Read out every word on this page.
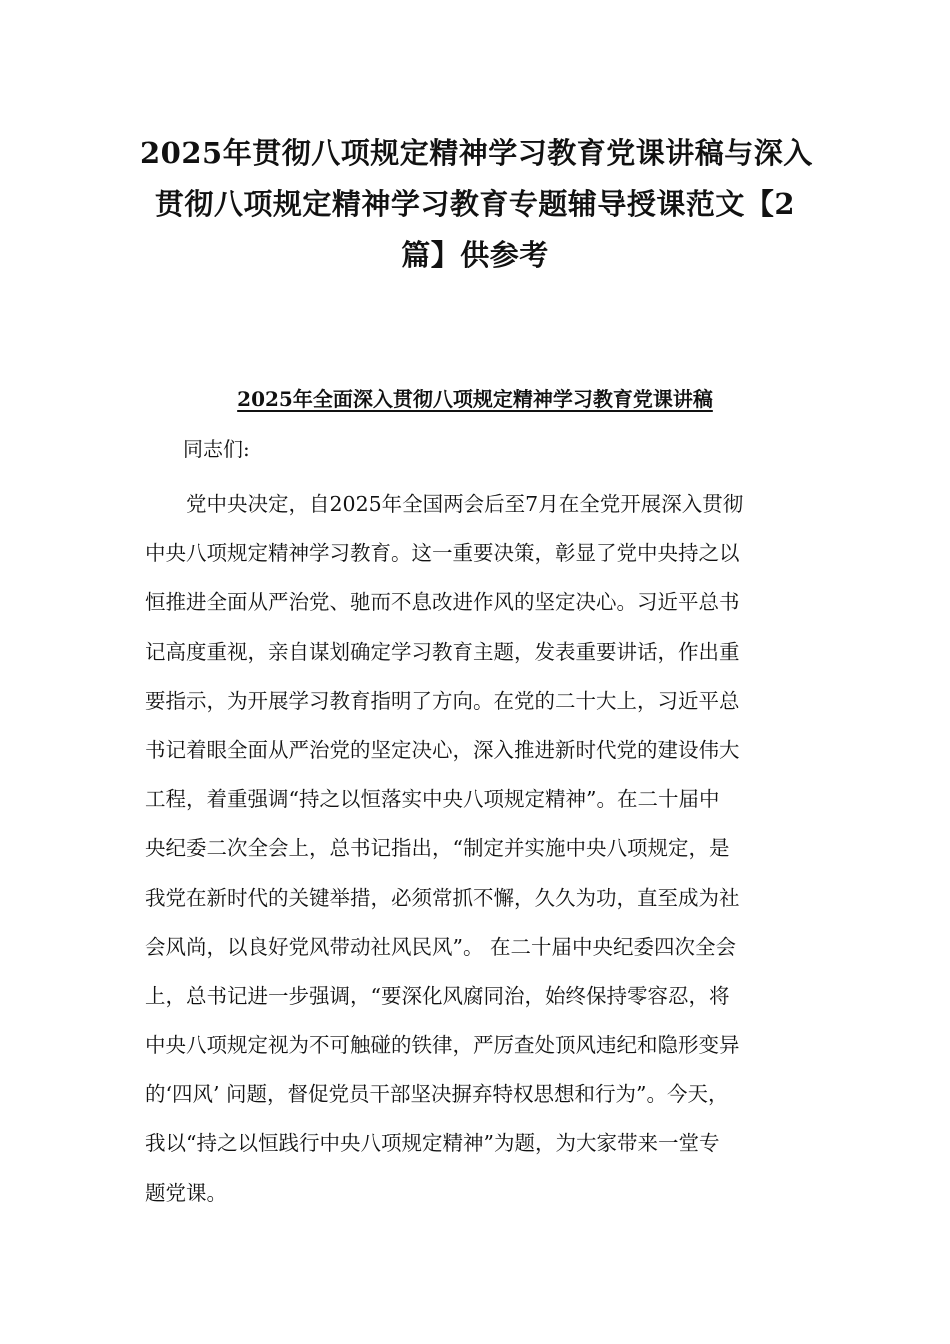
2025年贯彻八项规定精神学习教育党课讲稿与深入
贯彻八项规定精神学习教育专题辅导授课范文【2
篇】供参考
2025年全面深入贯彻八项规定精神学习教育党课讲稿
同志们:
　　党中央决定，自2025年全国两会后至7月在全党开展深入贯彻
中央八项规定精神学习教育。这一重要决策，彰显了党中央持之以
恒推进全面从严治党、驰而不息改进作风的坚定决心。习近平总书
记高度重视，亲自谋划确定学习教育主题，发表重要讲话，作出重
要指示，为开展学习教育指明了方向。在党的二十大上，习近平总
书记着眼全面从严治党的坚定决心，深入推进新时代党的建设伟大
工程，着重强调“持之以恒落实中央八项规定精神”。在二十届中
央纪委二次全会上，总书记指出，“制定并实施中央八项规定，是
我党在新时代的关键举措，必须常抓不懈，久久为功，直至成为社
会风尚，以良好党风带动社风民风”。 在二十届中央纪委四次全会
上，总书记进一步强调，“要深化风腐同治，始终保持零容忍，将
中央八项规定视为不可触碰的铁律，严厉查处顶风违纪和隐形变异
的‘四风’ 问题，督促党员干部坚决摒弃特权思想和行为”。今天，
我以“持之以恒践行中央八项规定精神”为题，为大家带来一堂专
题党课。
